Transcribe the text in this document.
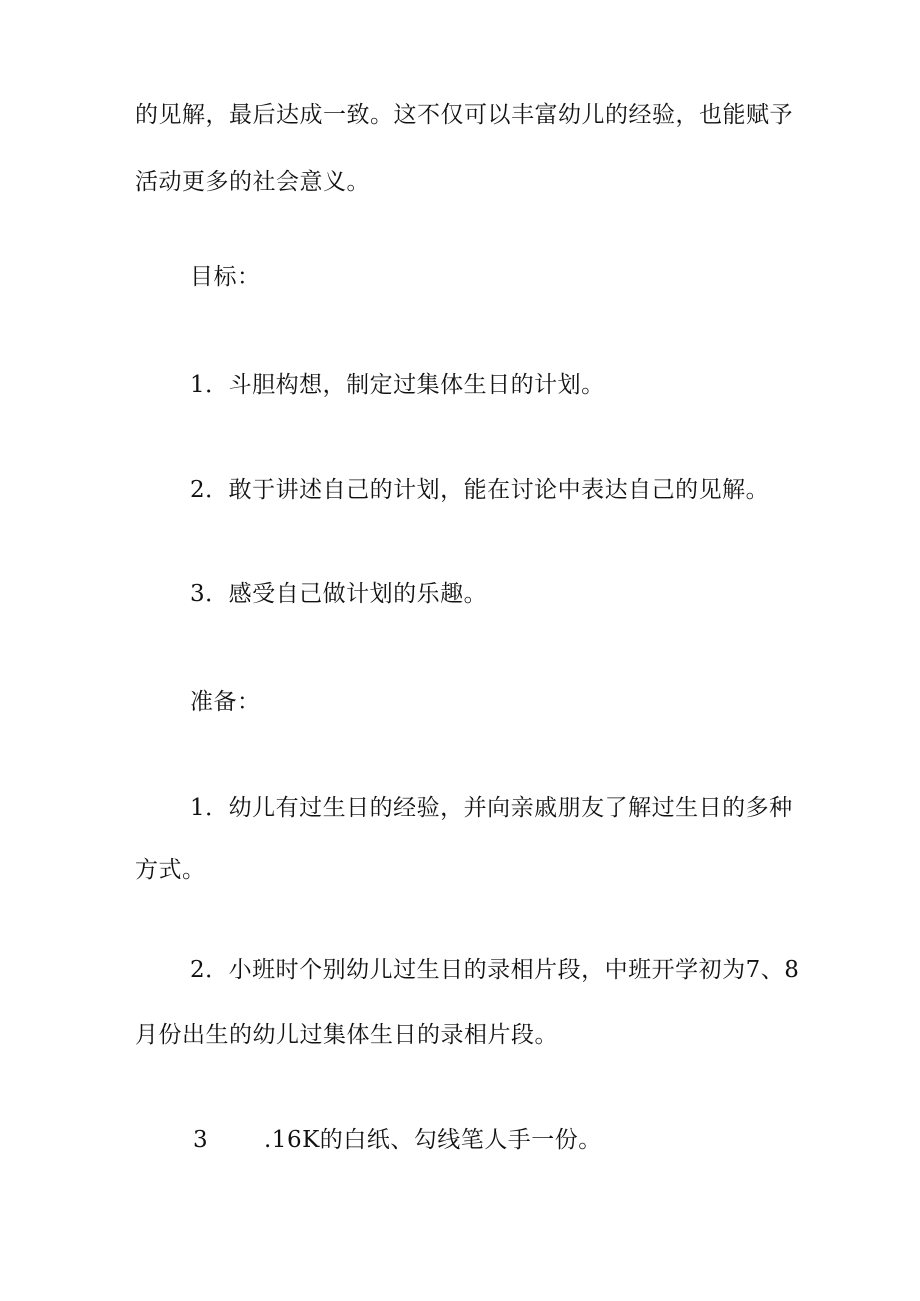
的见解，最后达成一致。这不仅可以丰富幼儿的经验，也能赋予
活动更多的社会意义。
目标：
1．斗胆构想，制定过集体生日的计划。
2．敢于讲述自己的计划，能在讨论中表达自己的见解。
3．感受自己做计划的乐趣。
准备：
1．幼儿有过生日的经验，并向亲戚朋友了解过生日的多种
方式。
2．小班时个别幼儿过生日的录相片段，中班开学初为7、8
月份出生的幼儿过集体生日的录相片段。
3 .16K的白纸、勾线笔人手一份。
